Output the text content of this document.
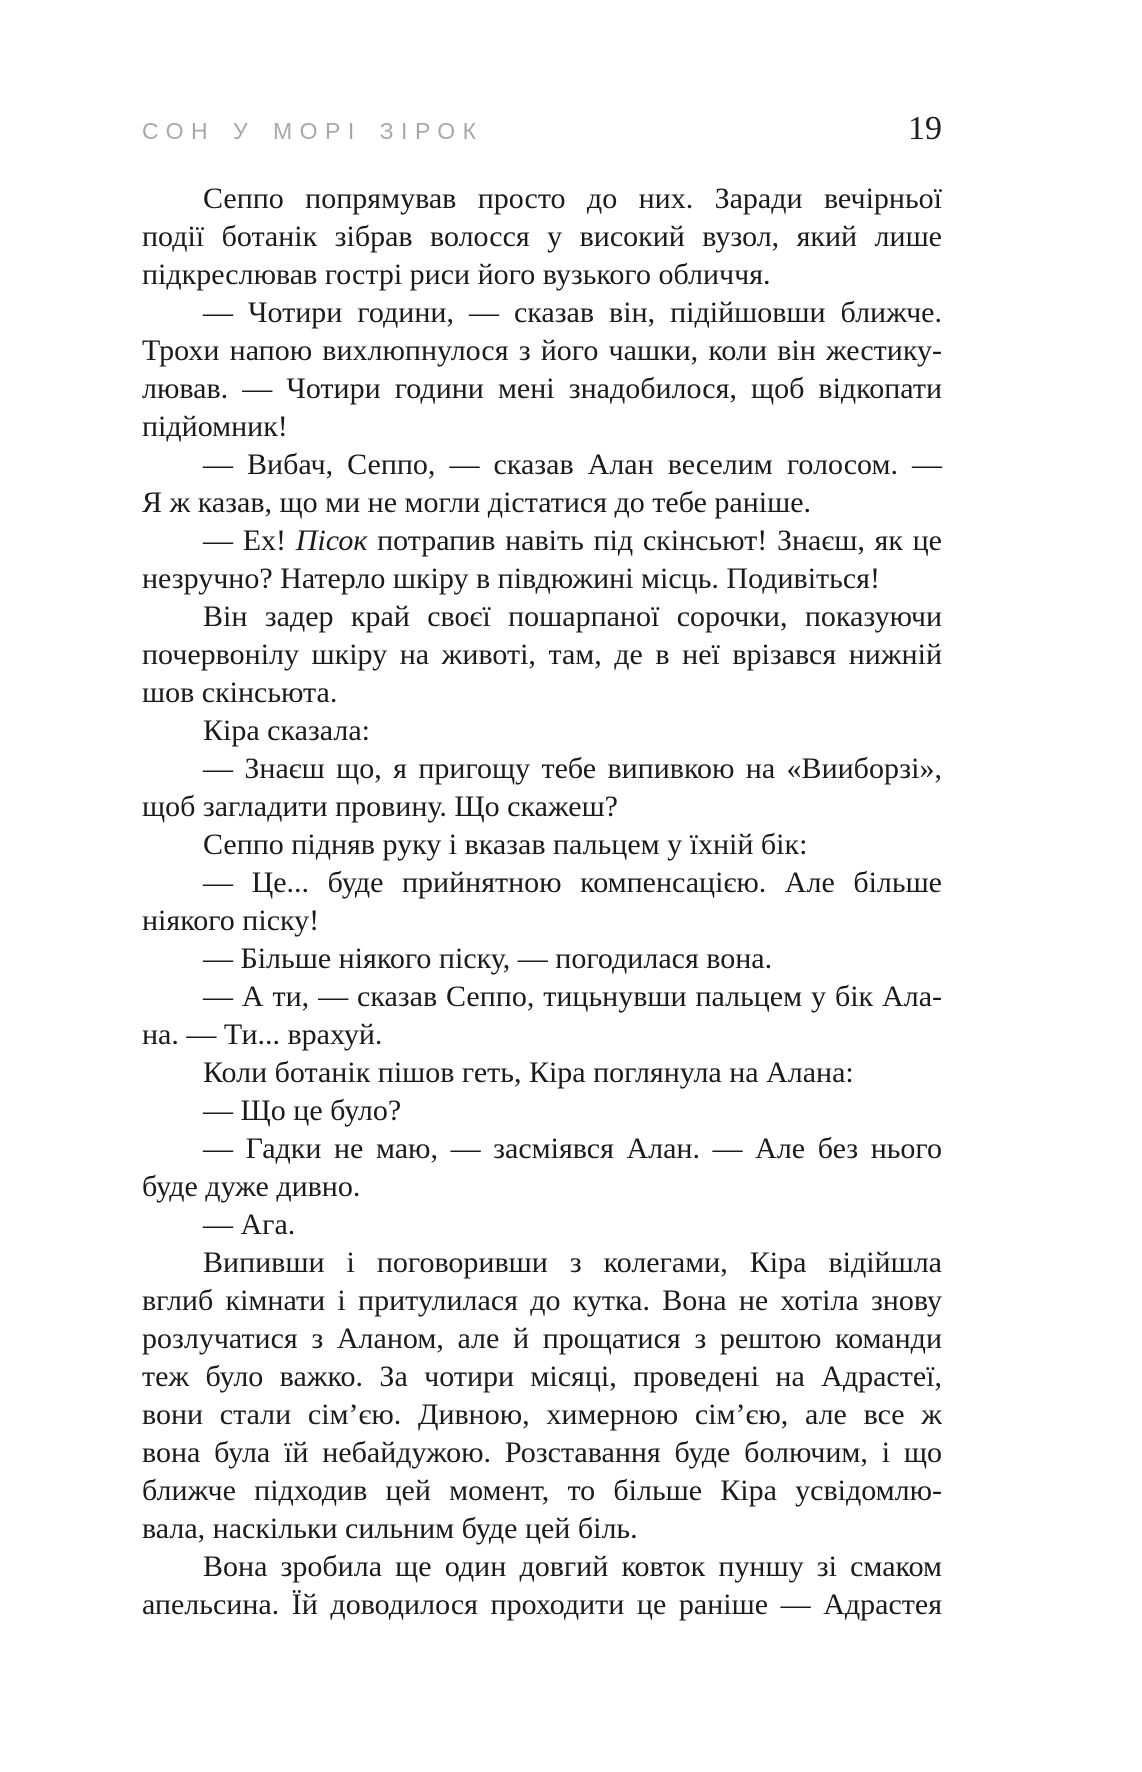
СОН У МОРІ ЗІРОК	19
Сеппо попрямував просто до них. Заради вечірньої
події ботанік зібрав волосся у високий вузол, який лише
підкреслював гострі риси його вузького обличчя.
— Чотири години, — сказав він, підійшовши ближче.
Трохи напою вихлюпнулося з його чашки, коли він жестику-
лював. — Чотири години мені знадобилося, щоб відкопати
підйомник!
— Вибач, Сеппо, — сказав Алан веселим голосом. —
Я ж казав, що ми не могли дістатися до тебе раніше.
— Ех! Пісок потрапив навіть під скінсьют! Знаєш, як це
незручно? Натерло шкіру в півдюжині місць. Подивіться!
Він задер край своєї пошарпаної сорочки, показуючи
почервонілу шкіру на животі, там, де в неї врізався нижній
шов скінсьюта.
Кіра сказала:
— Знаєш що, я пригощу тебе випивкою на «Вииборзі»,
щоб загладити провину. Що скажеш?
Сеппо підняв руку і вказав пальцем у їхній бік:
— Це... буде прийнятною компенсацією. Але більше
ніякого піску!
— Більше ніякого піску, — погодилася вона.
— А ти, — сказав Сеппо, тицьнувши пальцем у бік Ала-
на. — Ти... врахуй.
Коли ботанік пішов геть, Кіра поглянула на Алана:
— Що це було?
— Гадки не маю, — засміявся Алан. — Але без нього
буде дуже дивно.
— Ага.
Випивши і поговоривши з колегами, Кіра відійшла
вглиб кімнати і притулилася до кутка. Вона не хотіла знову
розлучатися з Аланом, але й прощатися з рештою команди
теж було важко. За чотири місяці, проведені на Адрастеї,
вони стали сім’єю. Дивною, химерною сім’єю, але все ж
вона була їй небайдужою. Розставання буде болючим, і що
ближче підходив цей момент, то більше Кіра усвідомлю-
вала, наскільки сильним буде цей біль.
Вона зробила ще один довгий ковток пуншу зі смаком
апельсина. Їй доводилося проходити це раніше — Адрастея
